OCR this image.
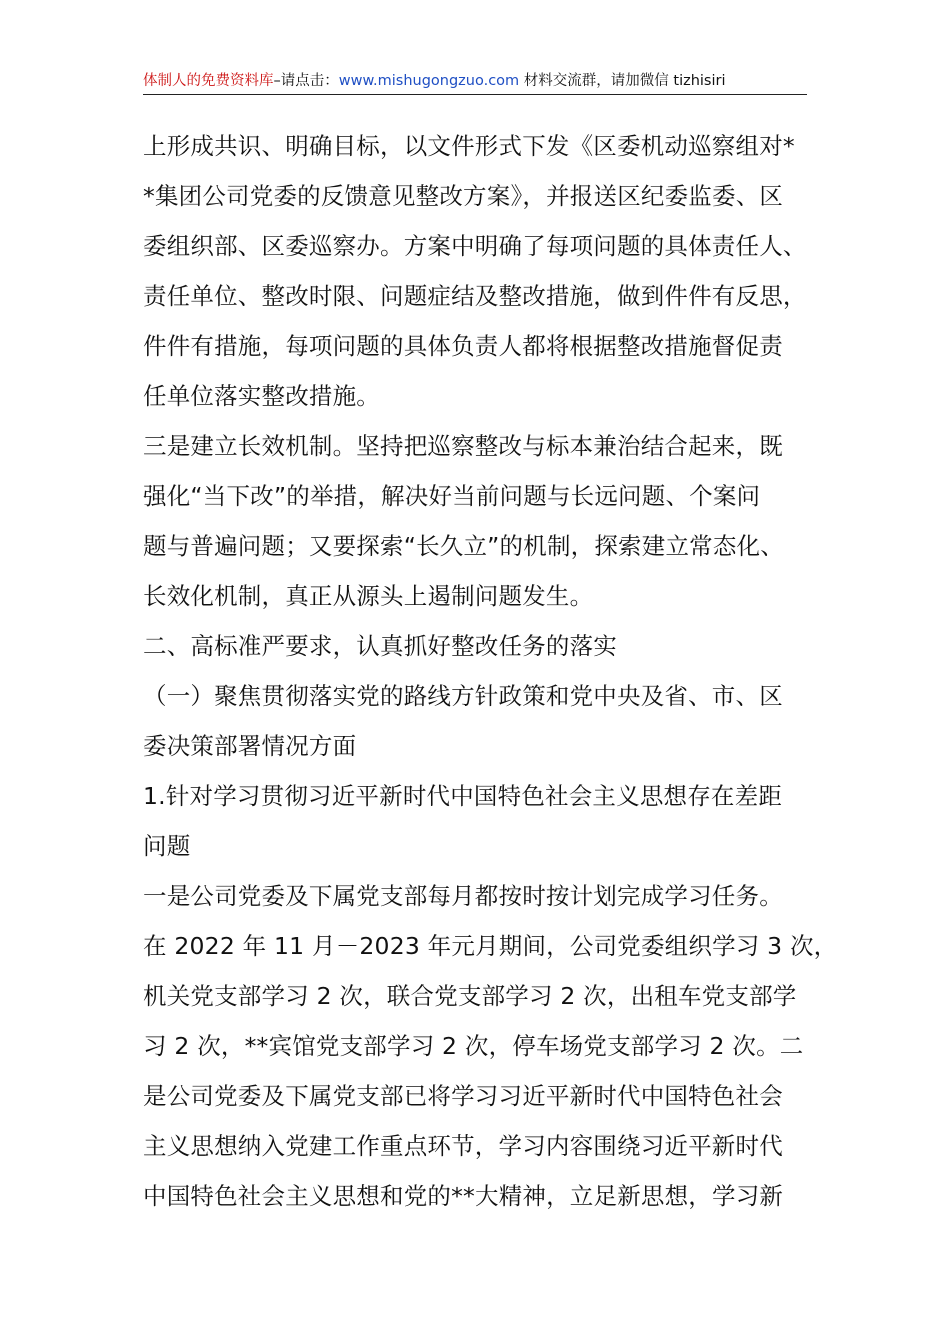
体制人的免费资料库–请点击：www.mishugongzuo.com 材料交流群，请加微信 tizhisiri

上形成共识、明确目标，以文件形式下发《区委机动巡察组对*

*集团公司党委的反馈意见整改方案》，并报送区纪委监委、区

委组织部、区委巡察办。方案中明确了每项问题的具体责任人、

责任单位、整改时限、问题症结及整改措施，做到件件有反思，

件件有措施，每项问题的具体负责人都将根据整改措施督促责

任单位落实整改措施。

三是建立长效机制。坚持把巡察整改与标本兼治结合起来，既

强化“当下改”的举措，解决好当前问题与长远问题、个案问

题与普遍问题；又要探索“长久立”的机制，探索建立常态化、

长效化机制，真正从源头上遏制问题发生。

二、高标准严要求，认真抓好整改任务的落实

（一）聚焦贯彻落实党的路线方针政策和党中央及省、市、区

委决策部署情况方面

1.针对学习贯彻习近平新时代中国特色社会主义思想存在差距

问题

一是公司党委及下属党支部每月都按时按计划完成学习任务。

在 2022 年 11 月－2023 年元月期间，公司党委组织学习 3 次，

机关党支部学习 2 次，联合党支部学习 2 次，出租车党支部学

习 2 次，**宾馆党支部学习 2 次，停车场党支部学习 2 次。二

是公司党委及下属党支部已将学习习近平新时代中国特色社会

主义思想纳入党建工作重点环节，学习内容围绕习近平新时代

中国特色社会主义思想和党的**大精神，立足新思想，学习新
